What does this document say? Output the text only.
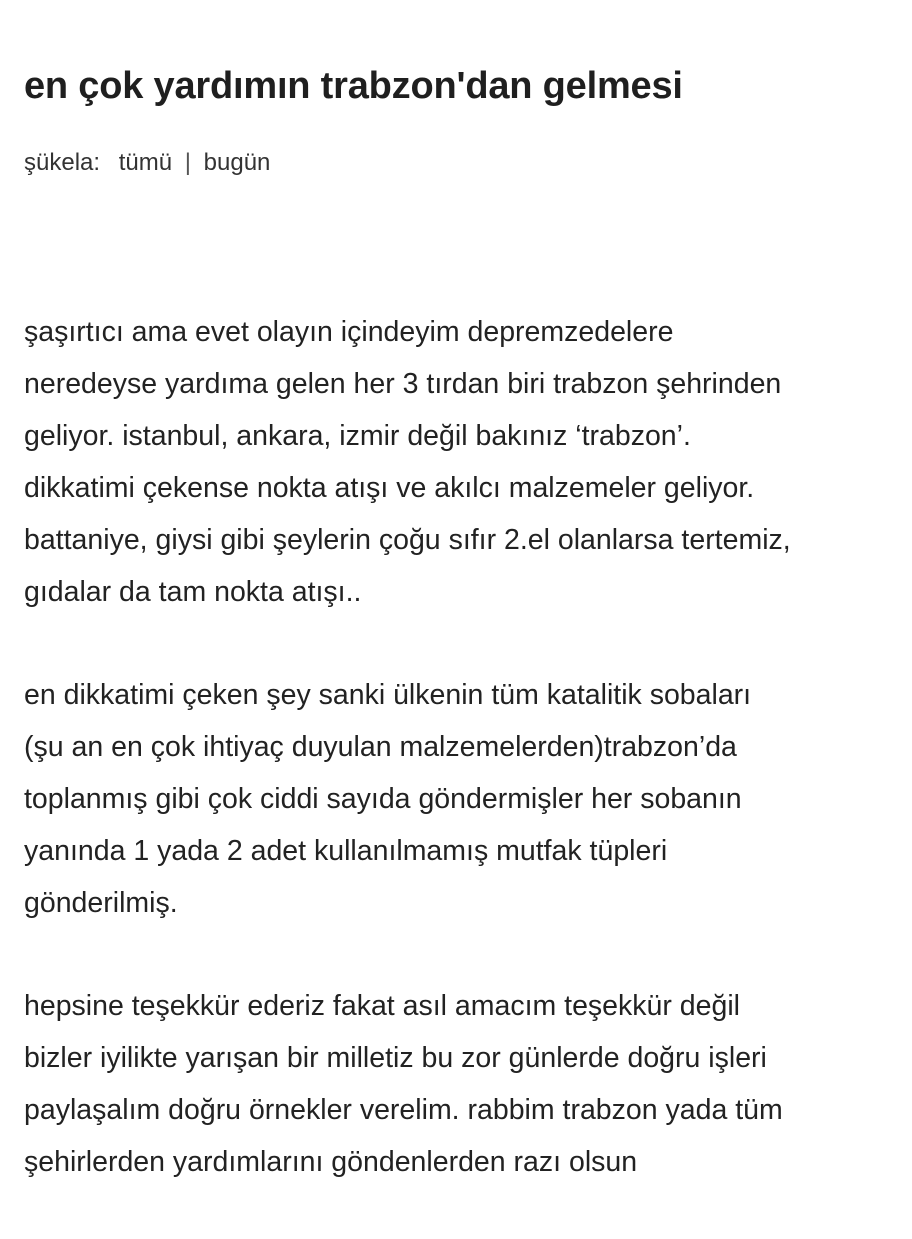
en çok yardımın trabzon'dan gelmesi
şükela: tümü | bugün

şaşırtıcı ama evet olayın içindeyim depremzedelere
neredeyse yardıma gelen her 3 tırdan biri trabzon şehrinden
geliyor. istanbul, ankara, izmir değil bakınız ‘trabzon’.
dikkatimi çekense nokta atışı ve akılcı malzemeler geliyor.
battaniye, giysi gibi şeylerin çoğu sıfır 2.el olanlarsa tertemiz,
gıdalar da tam nokta atışı..

en dikkatimi çeken şey sanki ülkenin tüm katalitik sobaları
(şu an en çok ihtiyaç duyulan malzemelerden)trabzon’da
toplanmış gibi çok ciddi sayıda göndermişler her sobanın
yanında 1 yada 2 adet kullanılmamış mutfak tüpleri
gönderilmiş.

hepsine teşekkür ederiz fakat asıl amacım teşekkür değil
bizler iyilikte yarışan bir milletiz bu zor günlerde doğru işleri
paylaşalım doğru örnekler verelim. rabbim trabzon yada tüm
şehirlerden yardımlarını göndenlerden razı olsun
